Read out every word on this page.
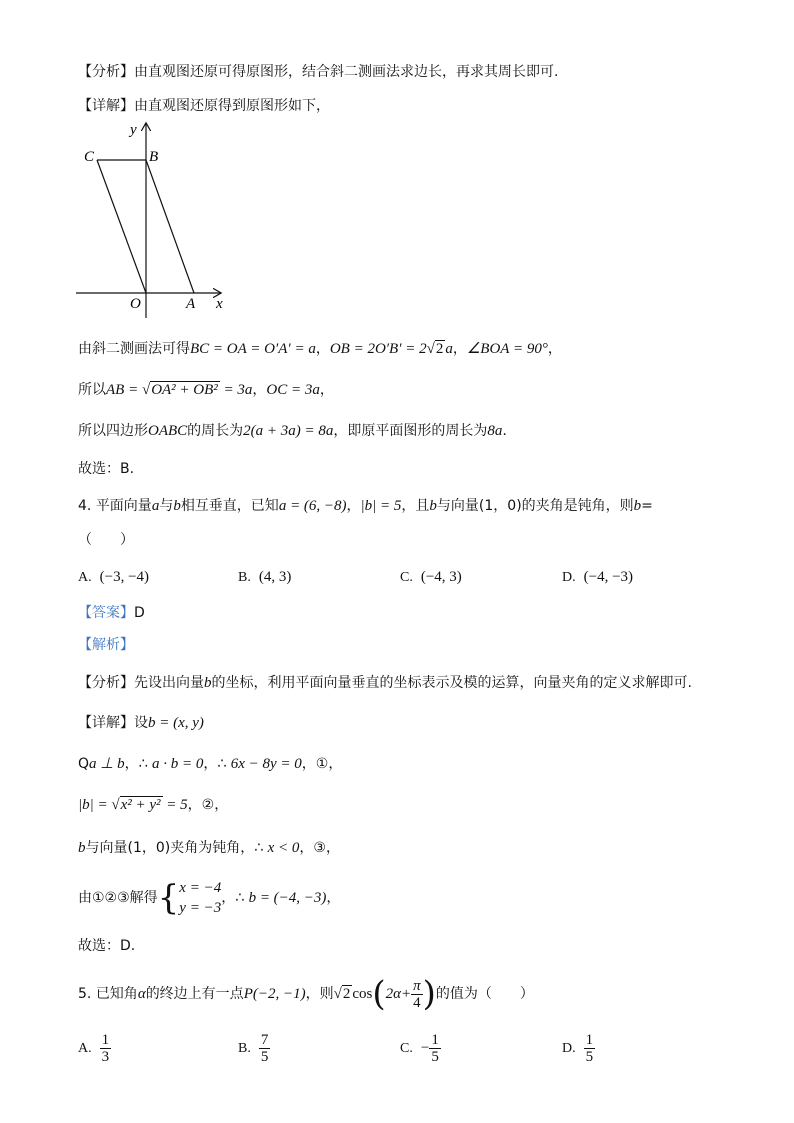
【分析】由直观图还原可得原图形，结合斜二测画法求边长，再求其周长即可.
【详解】由直观图还原得到原图形如下，
y
x
C	B
O	A
由斜二测画法可得BC = OA = O′A′ = a，OB = 2O′B′ = 2√2 a，∠BOA = 90°，
所以AB = √OA² + OB² = 3a，OC = 3a，
所以四边形OABC的周长为2(a + 3a) = 8a，即原平面图形的周长为8a.
故选：B.
4. 平面向量a与b相互垂直，已知a = (6, −8)，|b| = 5，且b与向量(1，0)的夹角是钝角，则b=
（　　）
A. (−3, −4)	B. (4, 3)	C. (−4, 3)	D. (−4, −3)
【答案】D
【解析】
【分析】先设出向量b的坐标，利用平面向量垂直的坐标表示及模的运算，向量夹角的定义求解即可.
【详解】设b = (x, y)
Qa ⊥ b，∴ a · b = 0，∴ 6x − 8y = 0，①，
|b| = √x² + y² = 5，②，
b与向量(1，0)夹角为钝角，∴ x < 0，③，
由①②③解得{ x = −4
y = −3
，∴ b = (−4, −3)，
故选：D.
5. 已知角α的终边上有一点P(−2, −1)，则√2 $\cos(2\alpha+ \frac{\pi}{4}$ )的值为（　　）
A. $\frac{1}{3}$	B. $\frac{7}{5}$	C. − $\frac{1}{5}$	D. $\frac{1}{5}$
